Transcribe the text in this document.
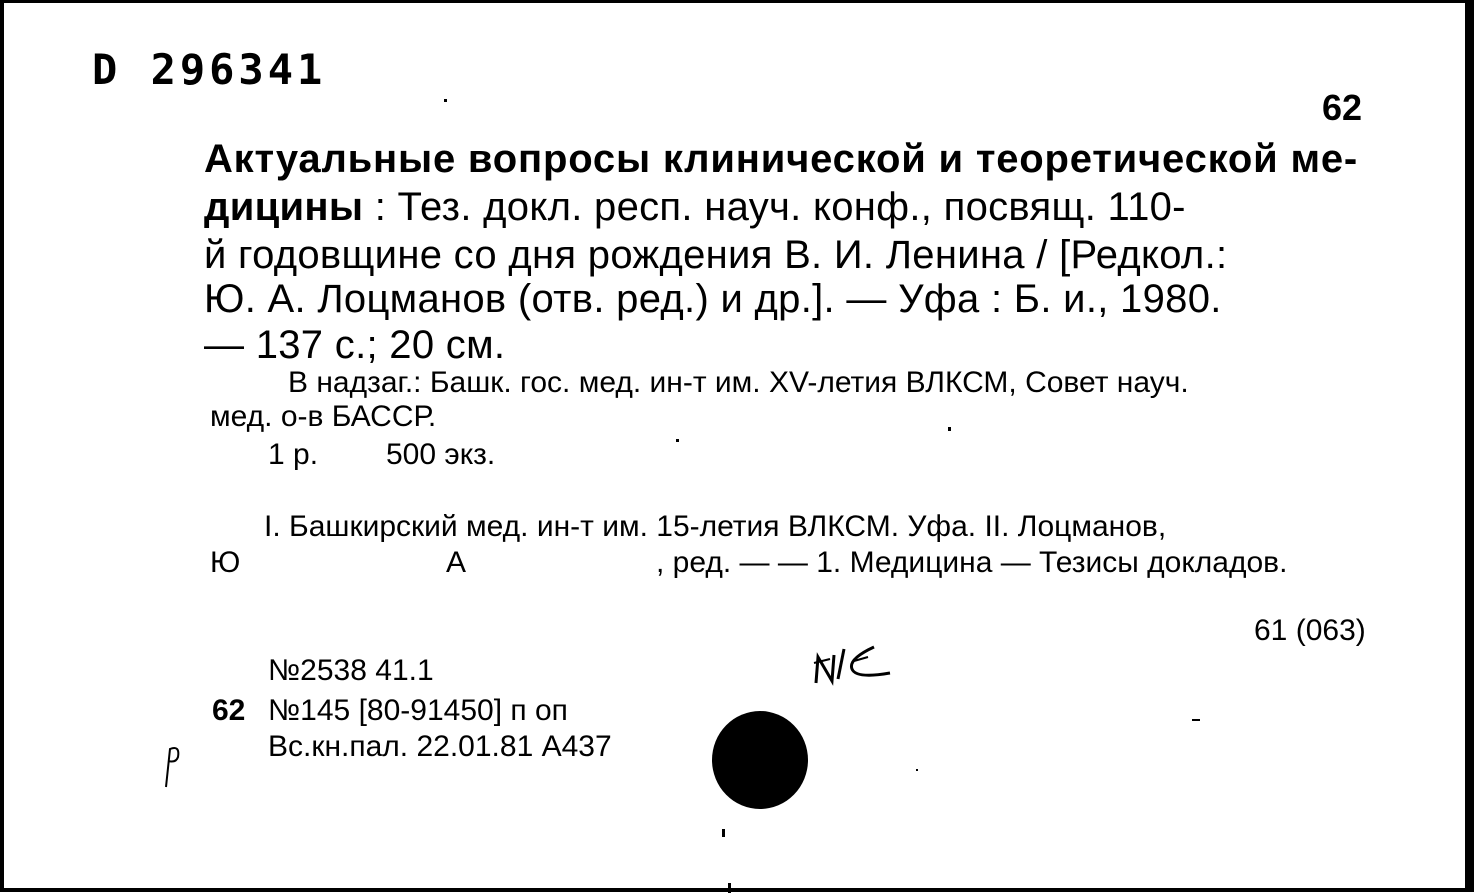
D 296341
62
Актуальные вопросы клинической и теоретической ме-
дицины : Тез. докл. респ. науч. конф., посвящ. 110-
й годовщине со дня рождения В. И. Ленина / [Редкол.:
Ю. А. Лоцманов (отв. ред.) и др.]. — Уфа : Б. и., 1980.
— 137 с.; 20 см.
В надзаг.: Башк. гос. мед. ин-т им. XV-летия ВЛКСМ, Совет науч.
мед. о-в БАССР.
1 р. 500 экз.
I. Башкирский мед. ин-т им. 15-летия ВЛКСМ. Уфа. II. Лоцманов,
Ю	А	, ред. — — 1. Медицина — Тезисы докладов.
61 (063)
№2538 41.1
62 №145 [80-91450] п оп
Вс.кн.пал. 22.01.81 А437
